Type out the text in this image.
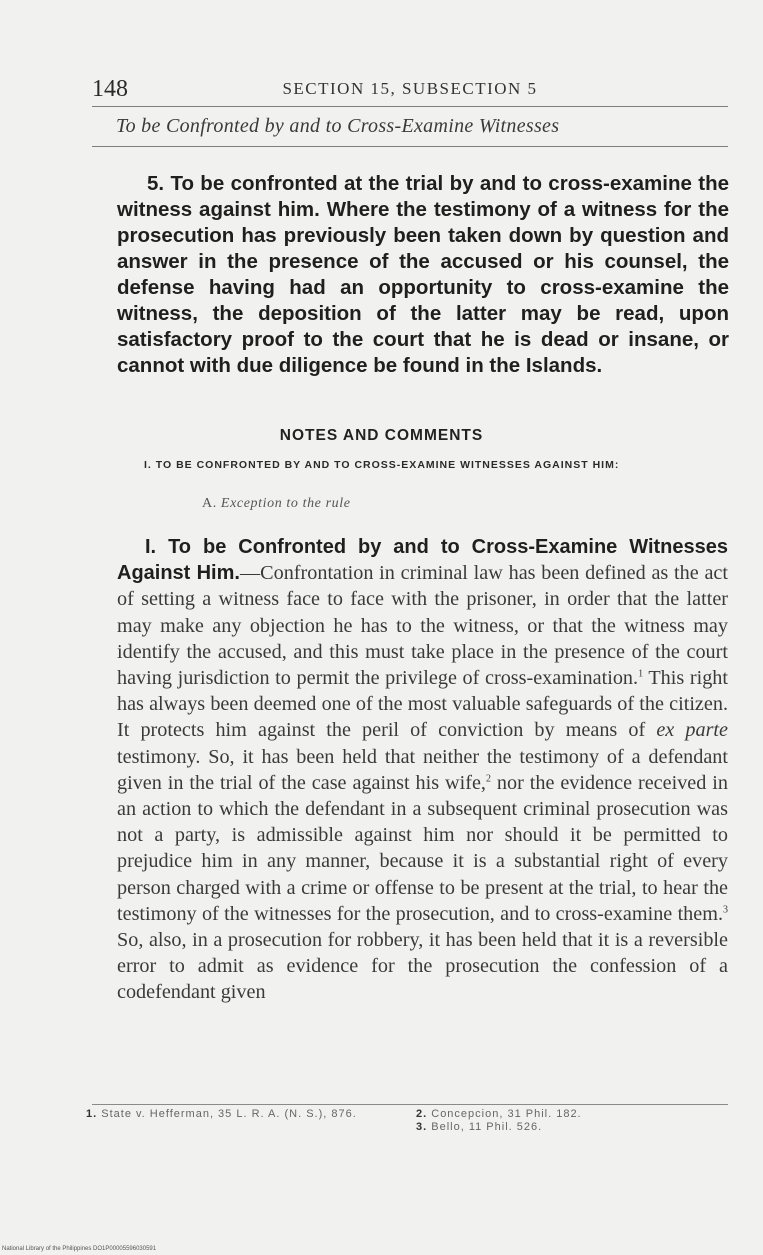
148	SECTION 15, SUBSECTION 5
To be Confronted by and to Cross-Examine Witnesses
5. To be confronted at the trial by and to cross-examine the witness against him. Where the testimony of a witness for the prosecution has previously been taken down by question and answer in the presence of the accused or his counsel, the defense having had an opportunity to cross-examine the witness, the deposition of the latter may be read, upon satisfactory proof to the court that he is dead or insane, or cannot with due diligence be found in the Islands.
NOTES AND COMMENTS
I. TO BE CONFRONTED BY AND TO CROSS-EXAMINE WITNESSES AGAINST HIM:
A. Exception to the rule
I. To be Confronted by and to Cross-Examine Witnesses Against Him.—Confrontation in criminal law has been defined as the act of setting a witness face to face with the prisoner, in order that the latter may make any objection he has to the witness, or that the witness may identify the accused, and this must take place in the presence of the court having jurisdiction to permit the privilege of cross-examination.$^1$ This right has always been deemed one of the most valuable safeguards of the citizen. It protects him against the peril of conviction by means of ex parte testimony. So, it has been held that neither the testimony of a defendant given in the trial of the case against his wife,$^2$ nor the evidence received in an action to which the defendant in a subsequent criminal prosecution was not a party, is admissible against him nor should it be permitted to prejudice him in any manner, because it is a substantial right of every person charged with a crime or offense to be present at the trial, to hear the testimony of the witnesses for the prosecution, and to cross-examine them.$^3$ So, also, in a prosecution for robbery, it has been held that it is a reversible error to admit as evidence for the prosecution the confession of a codefendant given
1. State v. Hefferman, 35 L. R. A. (N. S.), 876.	2. Concepcion, 31 Phil. 182.
3. Bello, 11 Phil. 526.
National Library of the Philippines DO1P00005596030591
